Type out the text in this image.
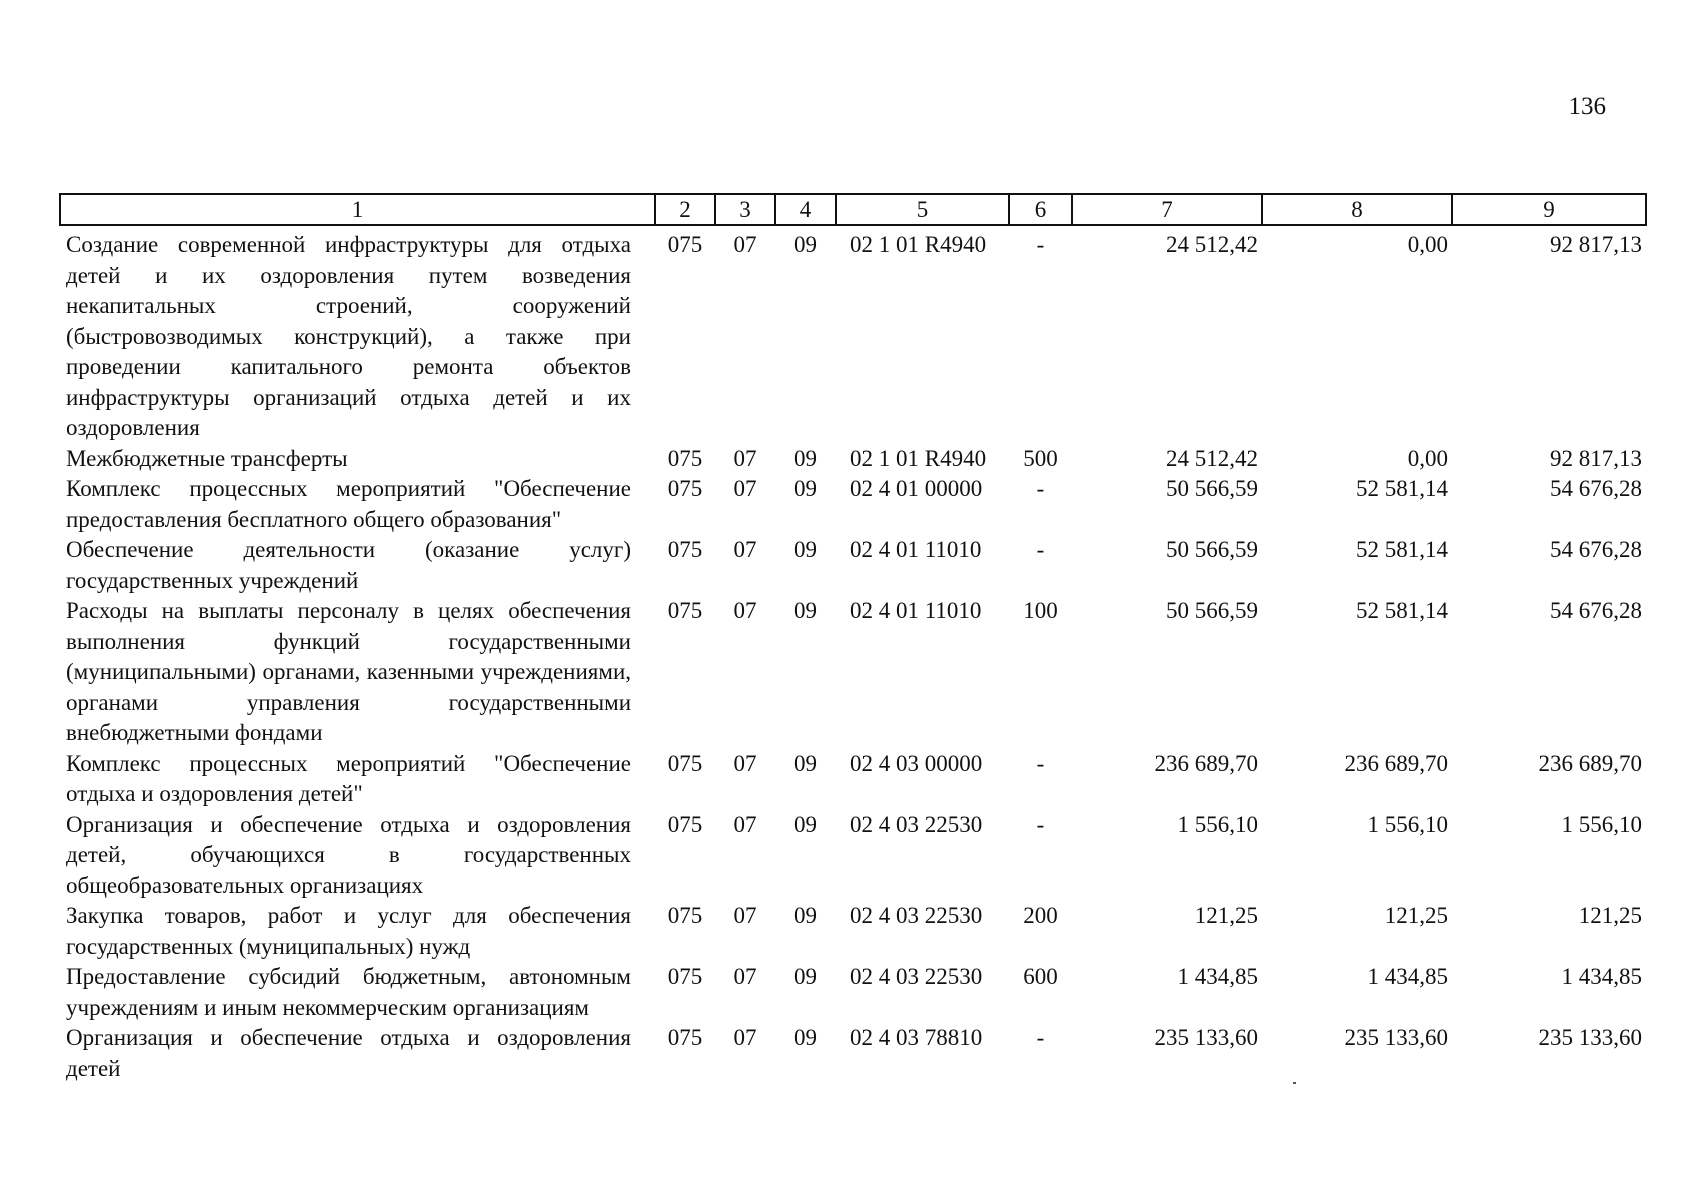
136
1	2	3	4	5	6	7	8	9
Создание современной инфраструктуры для отдыха детей и их оздоровления путем возведения некапитальных строений, сооружений (быстровозводимых конструкций), а также при проведении капитального ремонта объектов инфраструктуры организаций отдыха детей и их оздоровления	075	07	09	02 1 01 R4940	-	24 512,42	0,00	92 817,13
Межбюджетные трансферты	075	07	09	02 1 01 R4940	500	24 512,42	0,00	92 817,13
Комплекс процессных мероприятий "Обеспечение предоставления бесплатного общего образования"	075	07	09	02 4 01 00000	-	50 566,59	52 581,14	54 676,28
Обеспечение деятельности (оказание услуг) государственных учреждений	075	07	09	02 4 01 11010	-	50 566,59	52 581,14	54 676,28
Расходы на выплаты персоналу в целях обеспечения выполнения функций государственными (муниципальными) органами, казенными учреждениями, органами управления государственными внебюджетными фондами	075	07	09	02 4 01 11010	100	50 566,59	52 581,14	54 676,28
Комплекс процессных мероприятий "Обеспечение отдыха и оздоровления детей"	075	07	09	02 4 03 00000	-	236 689,70	236 689,70	236 689,70
Организация и обеспечение отдыха и оздоровления детей, обучающихся в государственных общеобразовательных организациях	075	07	09	02 4 03 22530	-	1 556,10	1 556,10	1 556,10
Закупка товаров, работ и услуг для обеспечения государственных (муниципальных) нужд	075	07	09	02 4 03 22530	200	121,25	121,25	121,25
Предоставление субсидий бюджетным, автономным учреждениям и иным некоммерческим организациям	075	07	09	02 4 03 22530	600	1 434,85	1 434,85	1 434,85
Организация и обеспечение отдыха и оздоровления детей	075	07	09	02 4 03 78810	-	235 133,60	235 133,60	235 133,60
